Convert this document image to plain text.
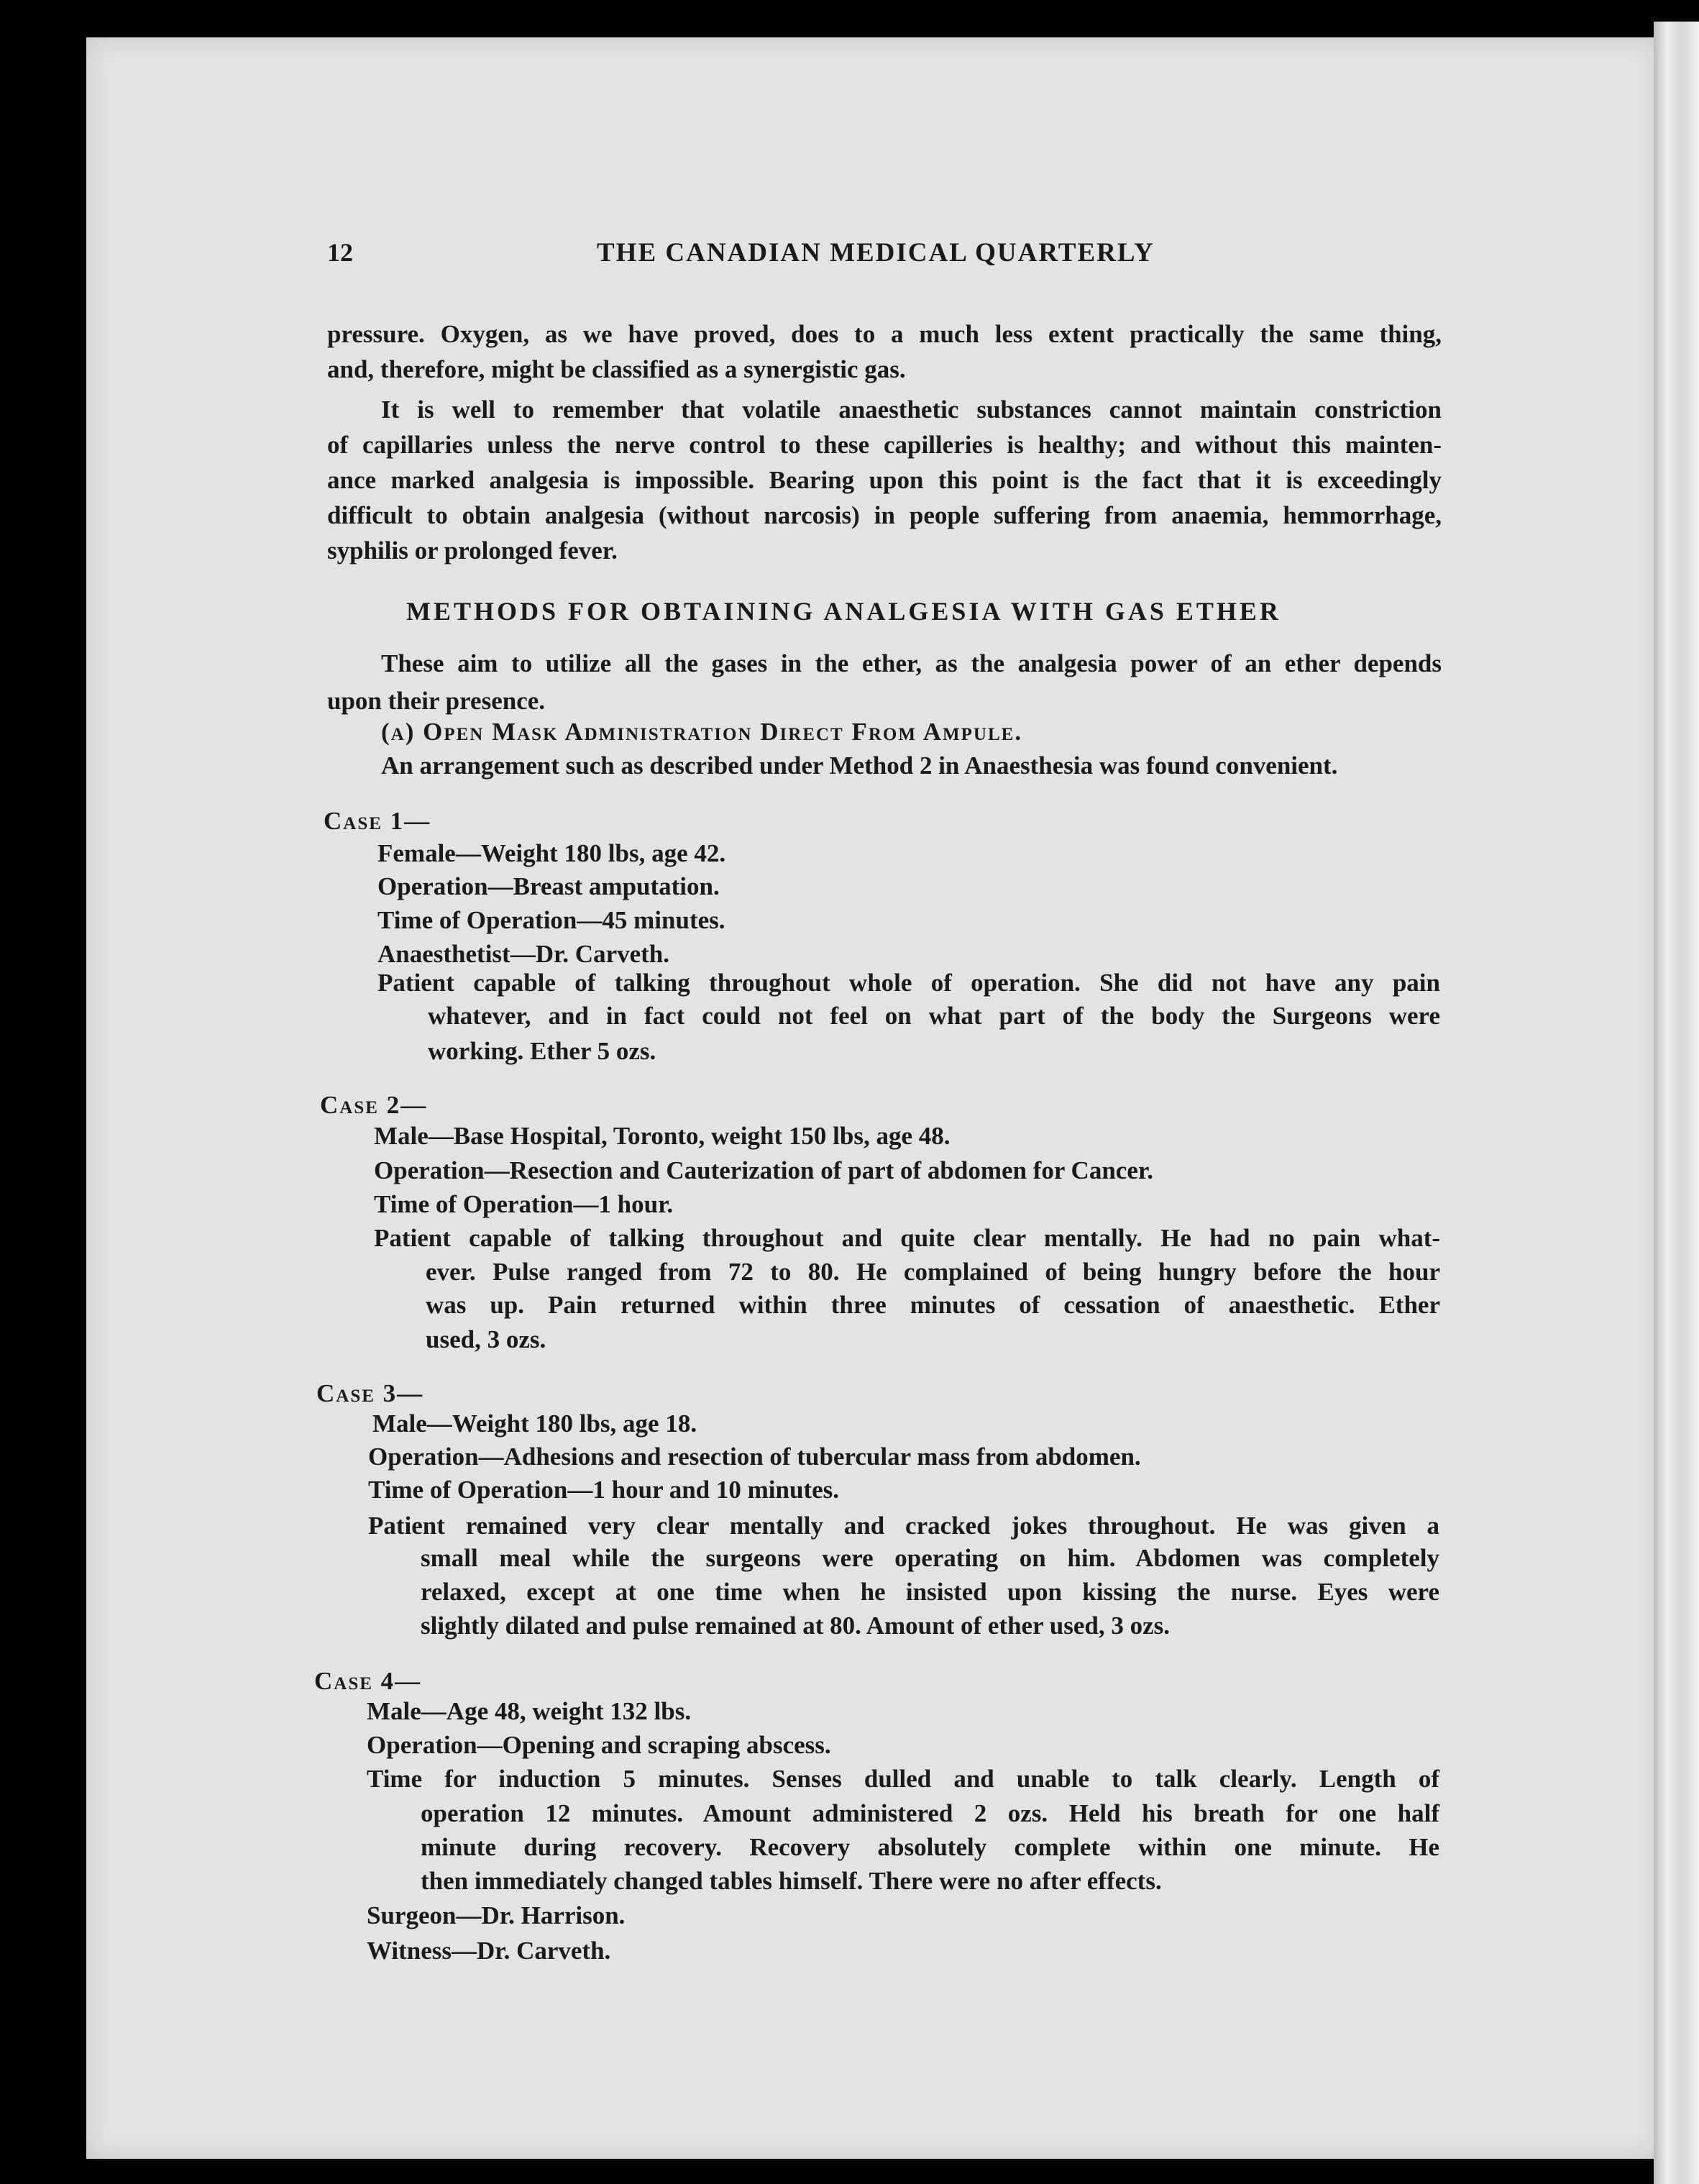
12	THE CANADIAN MEDICAL QUARTERLY
pressure. Oxygen, as we have proved, does to a much less extent practically the same thing,
and, therefore, might be classified as a synergistic gas.
It is well to remember that volatile anaesthetic substances cannot maintain constriction
of capillaries unless the nerve control to these capilleries is healthy; and without this mainten-
ance marked analgesia is impossible. Bearing upon this point is the fact that it is exceedingly
difficult to obtain analgesia (without narcosis) in people suffering from anaemia, hemmorrhage,
syphilis or prolonged fever.
METHODS FOR OBTAINING ANALGESIA WITH GAS ETHER
These aim to utilize all the gases in the ether, as the analgesia power of an ether depends
upon their presence.
(a) Open Mask Administration Direct From Ampule.
An arrangement such as described under Method 2 in Anaesthesia was found convenient.
Case 1—
Female—Weight 180 lbs, age 42.
Operation—Breast amputation.
Time of Operation—45 minutes.
Anaesthetist—Dr. Carveth.
Patient capable of talking throughout whole of operation. She did not have any pain
whatever, and in fact could not feel on what part of the body the Surgeons were
working. Ether 5 ozs.
Case 2—
Male—Base Hospital, Toronto, weight 150 lbs, age 48.
Operation—Resection and Cauterization of part of abdomen for Cancer.
Time of Operation—1 hour.
Patient capable of talking throughout and quite clear mentally. He had no pain what-
ever. Pulse ranged from 72 to 80. He complained of being hungry before the hour
was up. Pain returned within three minutes of cessation of anaesthetic. Ether
used, 3 ozs.
Case 3—
Male—Weight 180 lbs, age 18.
Operation—Adhesions and resection of tubercular mass from abdomen.
Time of Operation—1 hour and 10 minutes.
Patient remained very clear mentally and cracked jokes throughout. He was given a
small meal while the surgeons were operating on him. Abdomen was completely
relaxed, except at one time when he insisted upon kissing the nurse. Eyes were
slightly dilated and pulse remained at 80. Amount of ether used, 3 ozs.
Case 4—
Male—Age 48, weight 132 lbs.
Operation—Opening and scraping abscess.
Time for induction 5 minutes. Senses dulled and unable to talk clearly. Length of
operation 12 minutes. Amount administered 2 ozs. Held his breath for one half
minute during recovery. Recovery absolutely complete within one minute. He
then immediately changed tables himself. There were no after effects.
Surgeon—Dr. Harrison.
Witness—Dr. Carveth.
